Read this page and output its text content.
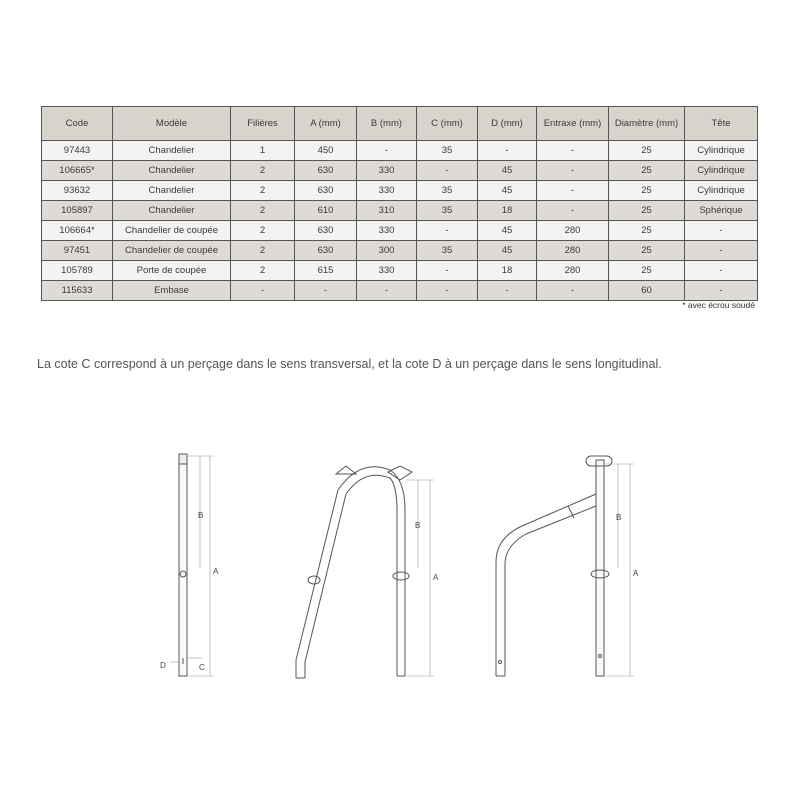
Code	Modèle	Filières	A (mm)	B (mm)	C (mm)	D (mm)	Entraxe (mm)	Diamètre (mm)	Tête
97443	Chandelier	1	450	-	35	-	-	25	Cylindrique
106665*	Chandelier	2	630	330	-	45	-	25	Cylindrique
93632	Chandelier	2	630	330	35	45	-	25	Cylindrique
105897	Chandelier	2	610	310	35	18	-	25	Sphérique
106664*	Chandelier de coupée	2	630	330	-	45	280	25	-
97451	Chandelier de coupée	2	630	300	35	45	280	25	-
105789	Porte de coupée	2	615	330	-	18	280	25	-
115633	Embase	-	-	-	-	-	-	60	-
* avec écrou soudé
La cote C correspond à un perçage dans le sens transversal, et la cote D à un perçage dans le sens longitudinal.
B
A
D	C
B
A
B
A
